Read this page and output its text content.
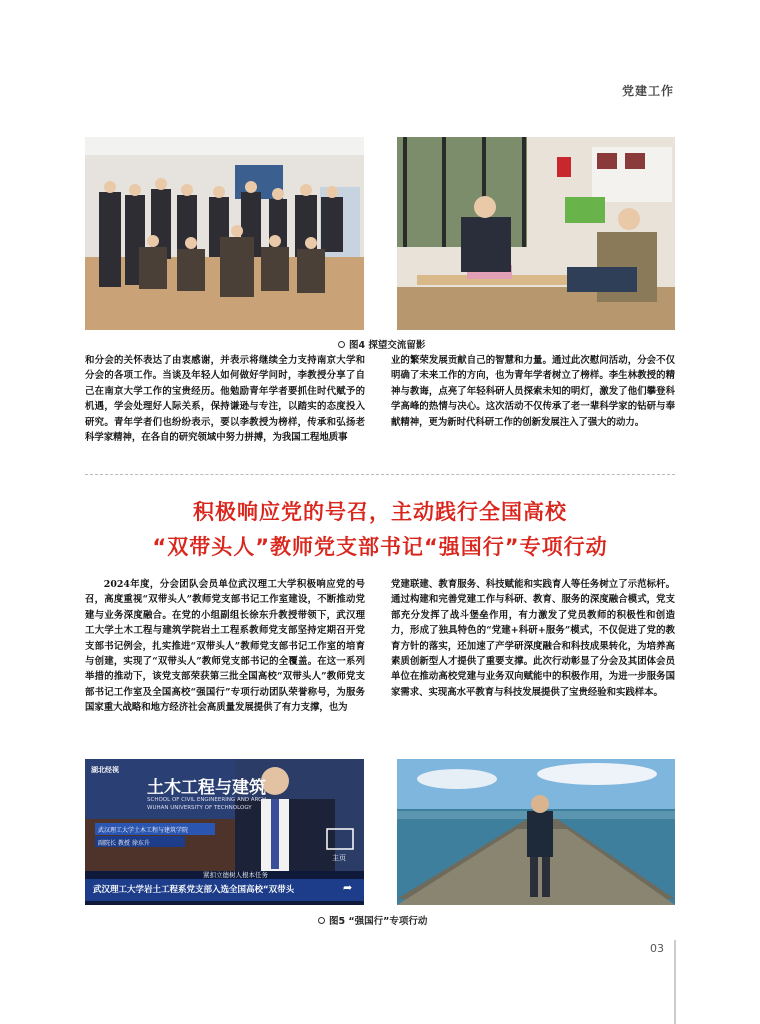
党建工作
图4 探望交流留影

和分会的关怀表达了由衷感谢，并表示将继续全力支持南京大学和分会的各项工作。当谈及年轻人如何做好学问时，李教授分享了自己在南京大学工作的宝贵经历。他勉励青年学者要抓住时代赋予的机遇，学会处理好人际关系，保持谦逊与专注，以踏实的态度投入研究。青年学者们也纷纷表示，要以李教授为榜样，传承和弘扬老科学家精神，在各自的研究领域中努力拼搏，为我国工程地质事

业的繁荣发展贡献自己的智慧和力量。通过此次慰问活动，分会不仅明确了未来工作的方向，也为青年学者树立了榜样。李生林教授的精神与教诲，点亮了年轻科研人员探索未知的明灯，激发了他们攀登科学高峰的热情与决心。这次活动不仅传承了老一辈科学家的钻研与奉献精神，更为新时代科研工作的创新发展注入了强大的动力。

积极响应党的号召，主动践行全国高校
“双带头人”教师党支部书记“强国行”专项行动

2024年度，分会团队会员单位武汉理工大学积极响应党的号召，高度重视“双带头人”教师党支部书记工作室建设，不断推动党建与业务深度融合。在党的小组副组长徐东升教授带领下，武汉理工大学土木工程与建筑学院岩土工程系教师党支部坚持定期召开党支部书记例会，扎实推进“双带头人”教师党支部书记工作室的培育与创建，实现了“双带头人”教师党支部书记的全覆盖。在这一系列举措的推动下，该党支部荣获第三批全国高校“双带头人”教师党支部书记工作室及全国高校“强国行”专项行动团队荣誉称号，为服务国家重大战略和地方经济社会高质量发展提供了有力支撑，也为

党建联建、教育服务、科技赋能和实践育人等任务树立了示范标杆。通过构建和完善党建工作与科研、教育、服务的深度融合模式，党支部充分发挥了战斗堡垒作用，有力激发了党员教师的积极性和创造力，形成了独具特色的“党建+科研+服务”模式，不仅促进了党的教育方针的落实，还加速了产学研深度融合和科技成果转化，为培养高素质创新型人才提供了重要支撑。此次行动彰显了分会及其团体会员单位在推动高校党建与业务双向赋能中的积极作用，为进一步服务国家需求、实现高水平教育与科技发展提供了宝贵经验和实践样本。

湖北经视
土木工程与建筑
SCHOOL OF CIVIL ENGINEERING AND ARCH
WUHAN UNIVERSITY OF TECHNOLOGY
武汉理工大学土木工程与建筑学院
副院长 教授 徐东升
主页
紧扣立德树人根本任务
武汉理工大学岩土工程系党支部入选全国高校“双带头	➦
图5 “强国行”专项行动
03
